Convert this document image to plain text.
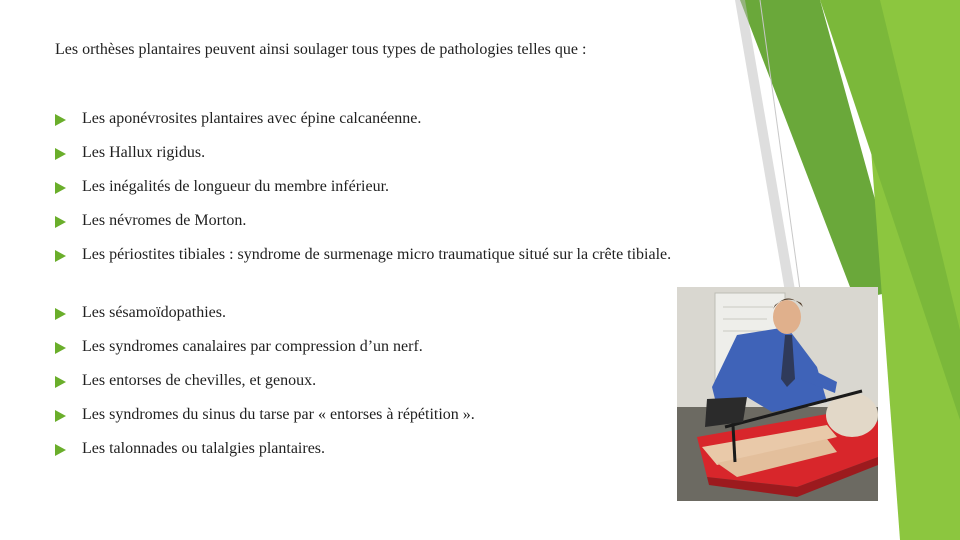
Les orthèses plantaires peuvent ainsi soulager tous types de pathologies telles que :
Les aponévrosites plantaires avec épine calcanéenne.
Les Hallux rigidus.
Les inégalités de longueur du membre inférieur.
Les névromes de Morton.
Les périostites tibiales : syndrome de surmenage micro traumatique situé sur la crête tibiale.
Les sésamoïdopathies.
Les syndromes canalaires par compression d’un nerf.
Les entorses de chevilles, et genoux.
Les syndromes du sinus du tarse par « entorses à répétition ».
Les talonnades ou talalgies plantaires.
